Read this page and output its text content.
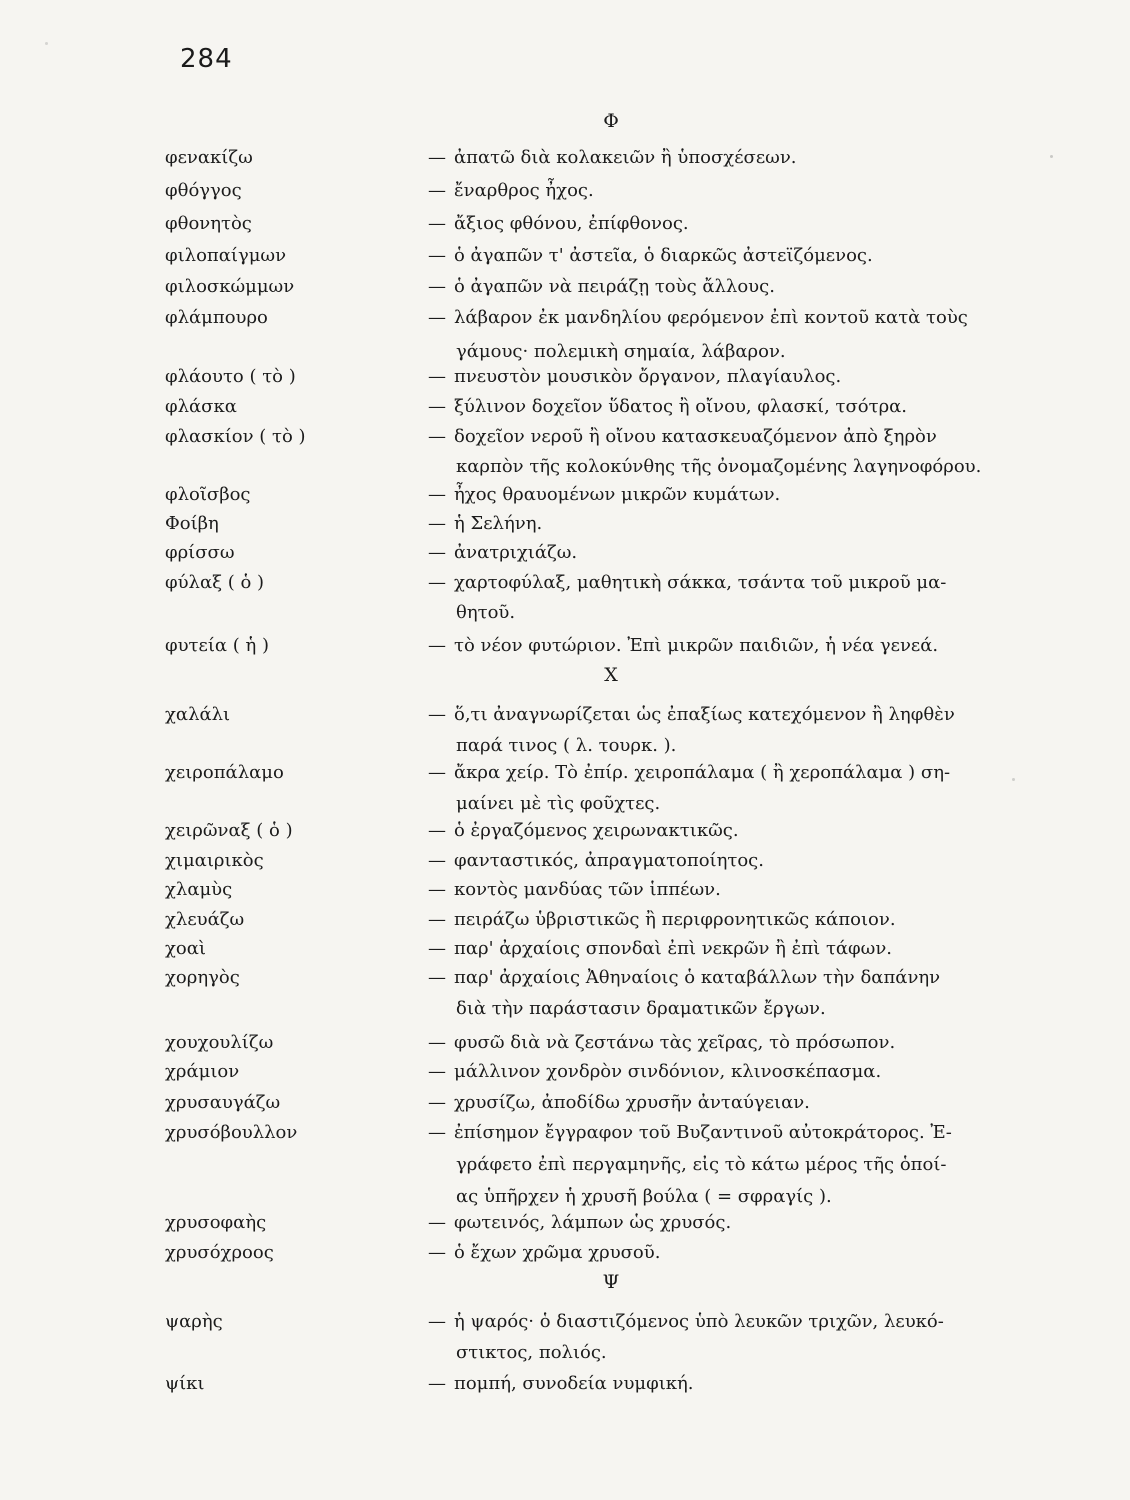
284
Φ
φενακίζω	— ἀπατῶ διὰ κολακειῶν ἢ ὑποσχέσεων.
φθόγγος	— ἔναρθρος ἦχος.
φθονητὸς	— ἄξιος φθόνου, ἐπίφθονος.
φιλοπαίγμων	— ὁ ἀγαπῶν τ' ἀστεῖα, ὁ διαρκῶς ἀστεϊζόμενος.
φιλοσκώμμων	— ὁ ἀγαπῶν νὰ πειράζῃ τοὺς ἄλλους.
φλάμπουρο	— λάβαρον ἐκ μανδηλίου φερόμενον ἐπὶ κοντοῦ κατὰ τοὺς
γάμους· πολεμικὴ σημαία, λάβαρον.
φλάουτο ( τὸ )	— πνευστὸν μουσικὸν ὄργανον, πλαγίαυλος.
φλάσκα	— ξύλινον δοχεῖον ὕδατος ἢ οἴνου, φλασκί, τσότρα.
φλασκίον ( τὸ )	— δοχεῖον νεροῦ ἢ οἴνου κατασκευαζόμενον ἀπὸ ξηρὸν
καρπὸν τῆς κολοκύνθης τῆς ὀνομαζομένης λαγηνοφόρου.
φλοῖσβος	— ἦχος θραυομένων μικρῶν κυμάτων.
Φοίβη	— ἡ Σελήνη.
φρίσσω	— ἀνατριχιάζω.
φύλαξ ( ὁ )	— χαρτοφύλαξ, μαθητικὴ σάκκα, τσάντα τοῦ μικροῦ μα-
θητοῦ.
φυτεία ( ἡ )	— τὸ νέον φυτώριον. Ἐπὶ μικρῶν παιδιῶν, ἡ νέα γενεά.
Χ
χαλάλι	— ὅ,τι ἀναγνωρίζεται ὡς ἐπαξίως κατεχόμενον ἢ ληφθὲν
παρά τινος ( λ. τουρκ. ).
χειροπάλαμο	— ἄκρα χείρ. Τὸ ἐπίρ. χειροπάλαμα ( ἢ χεροπάλαμα ) ση-
μαίνει μὲ τὶς φοῦχτες.
χειρῶναξ ( ὁ )	— ὁ ἐργαζόμενος χειρωνακτικῶς.
χιμαιρικὸς	— φανταστικός, ἀπραγματοποίητος.
χλαμὺς	— κοντὸς μανδύας τῶν ἱππέων.
χλευάζω	— πειράζω ὑβριστικῶς ἢ περιφρονητικῶς κάποιον.
χοαὶ	— παρ' ἀρχαίοις σπονδαὶ ἐπὶ νεκρῶν ἢ ἐπὶ τάφων.
χορηγὸς	— παρ' ἀρχαίοις Ἀθηναίοις ὁ καταβάλλων τὴν δαπάνην
διὰ τὴν παράστασιν δραματικῶν ἔργων.
χουχουλίζω	— φυσῶ διὰ νὰ ζεστάνω τὰς χεῖρας, τὸ πρόσωπον.
χράμιον	— μάλλινον χονδρὸν σινδόνιον, κλινοσκέπασμα.
χρυσαυγάζω	— χρυσίζω, ἀποδίδω χρυσῆν ἀνταύγειαν.
χρυσόβουλλον	— ἐπίσημον ἔγγραφον τοῦ Βυζαντινοῦ αὐτοκράτορος. Ἐ-
γράφετο ἐπὶ περγαμηνῆς, εἰς τὸ κάτω μέρος τῆς ὁποί-
ας ὑπῆρχεν ἡ χρυσῆ βούλα ( = σφραγίς ).
χρυσοφαὴς	— φωτεινός, λάμπων ὡς χρυσός.
χρυσόχροος	— ὁ ἔχων χρῶμα χρυσοῦ.
Ψ
ψαρὴς	— ἡ ψαρός· ὁ διαστιζόμενος ὑπὸ λευκῶν τριχῶν, λευκό-
στικτος, πολιός.
ψίκι	— πομπή, συνοδεία νυμφική.
